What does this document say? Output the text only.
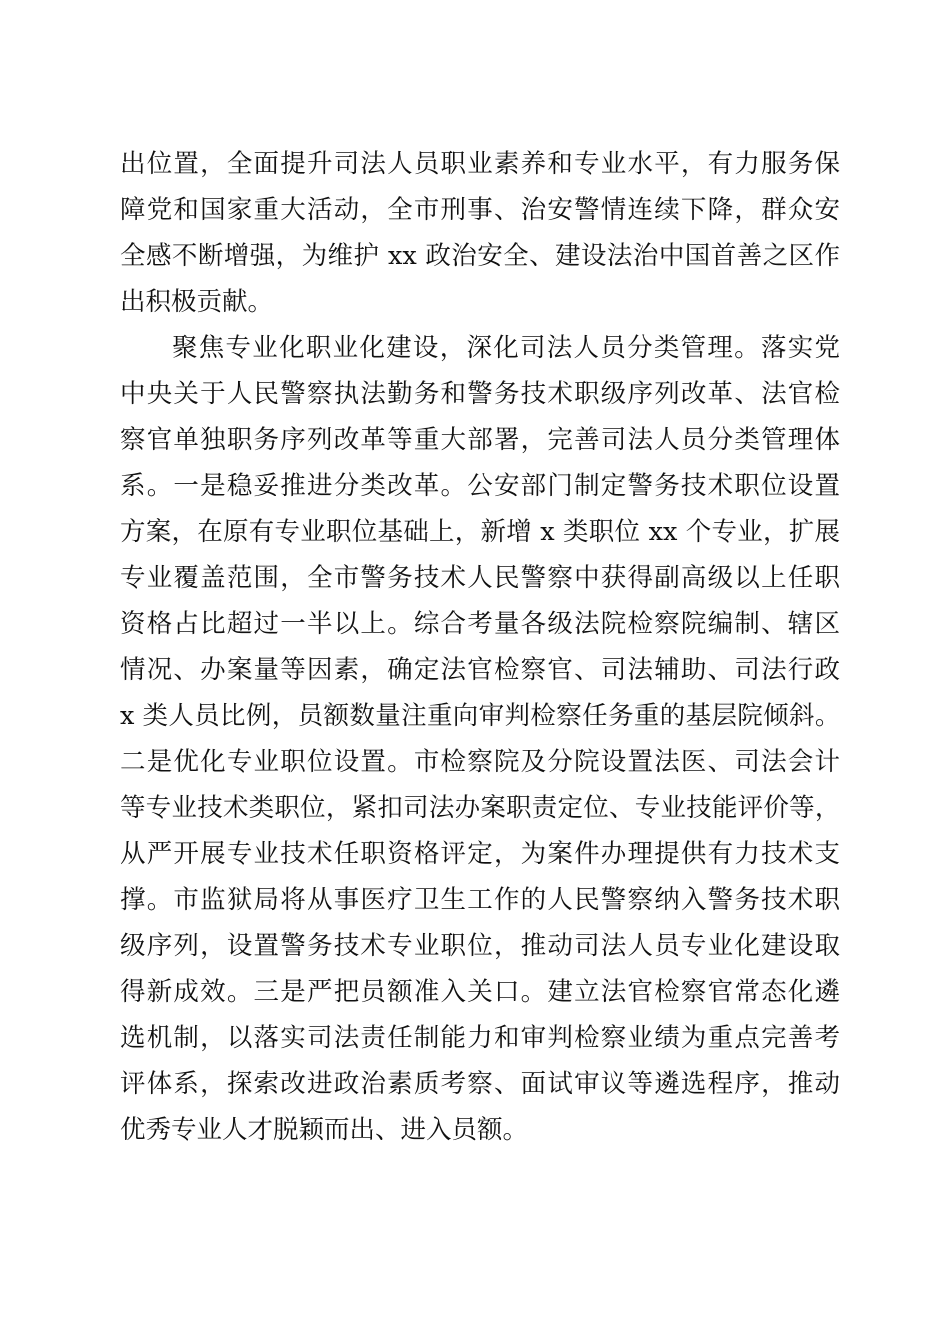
出位置，全面提升司法人员职业素养和专业水平，有力服务保
障党和国家重大活动，全市刑事、治安警情连续下降，群众安
全感不断增强，为维护 xx 政治安全、建设法治中国首善之区作
出积极贡献。
聚焦专业化职业化建设，深化司法人员分类管理。落实党
中央关于人民警察执法勤务和警务技术职级序列改革、法官检
察官单独职务序列改革等重大部署，完善司法人员分类管理体
系。一是稳妥推进分类改革。公安部门制定警务技术职位设置
方案，在原有专业职位基础上，新增 x 类职位 xx 个专业，扩展
专业覆盖范围，全市警务技术人民警察中获得副高级以上任职
资格占比超过一半以上。综合考量各级法院检察院编制、辖区
情况、办案量等因素，确定法官检察官、司法辅助、司法行政
x 类人员比例，员额数量注重向审判检察任务重的基层院倾斜。
二是优化专业职位设置。市检察院及分院设置法医、司法会计
等专业技术类职位，紧扣司法办案职责定位、专业技能评价等，
从严开展专业技术任职资格评定，为案件办理提供有力技术支
撑。市监狱局将从事医疗卫生工作的人民警察纳入警务技术职
级序列，设置警务技术专业职位，推动司法人员专业化建设取
得新成效。三是严把员额准入关口。建立法官检察官常态化遴
选机制，以落实司法责任制能力和审判检察业绩为重点完善考
评体系，探索改进政治素质考察、面试审议等遴选程序，推动
优秀专业人才脱颖而出、进入员额。
